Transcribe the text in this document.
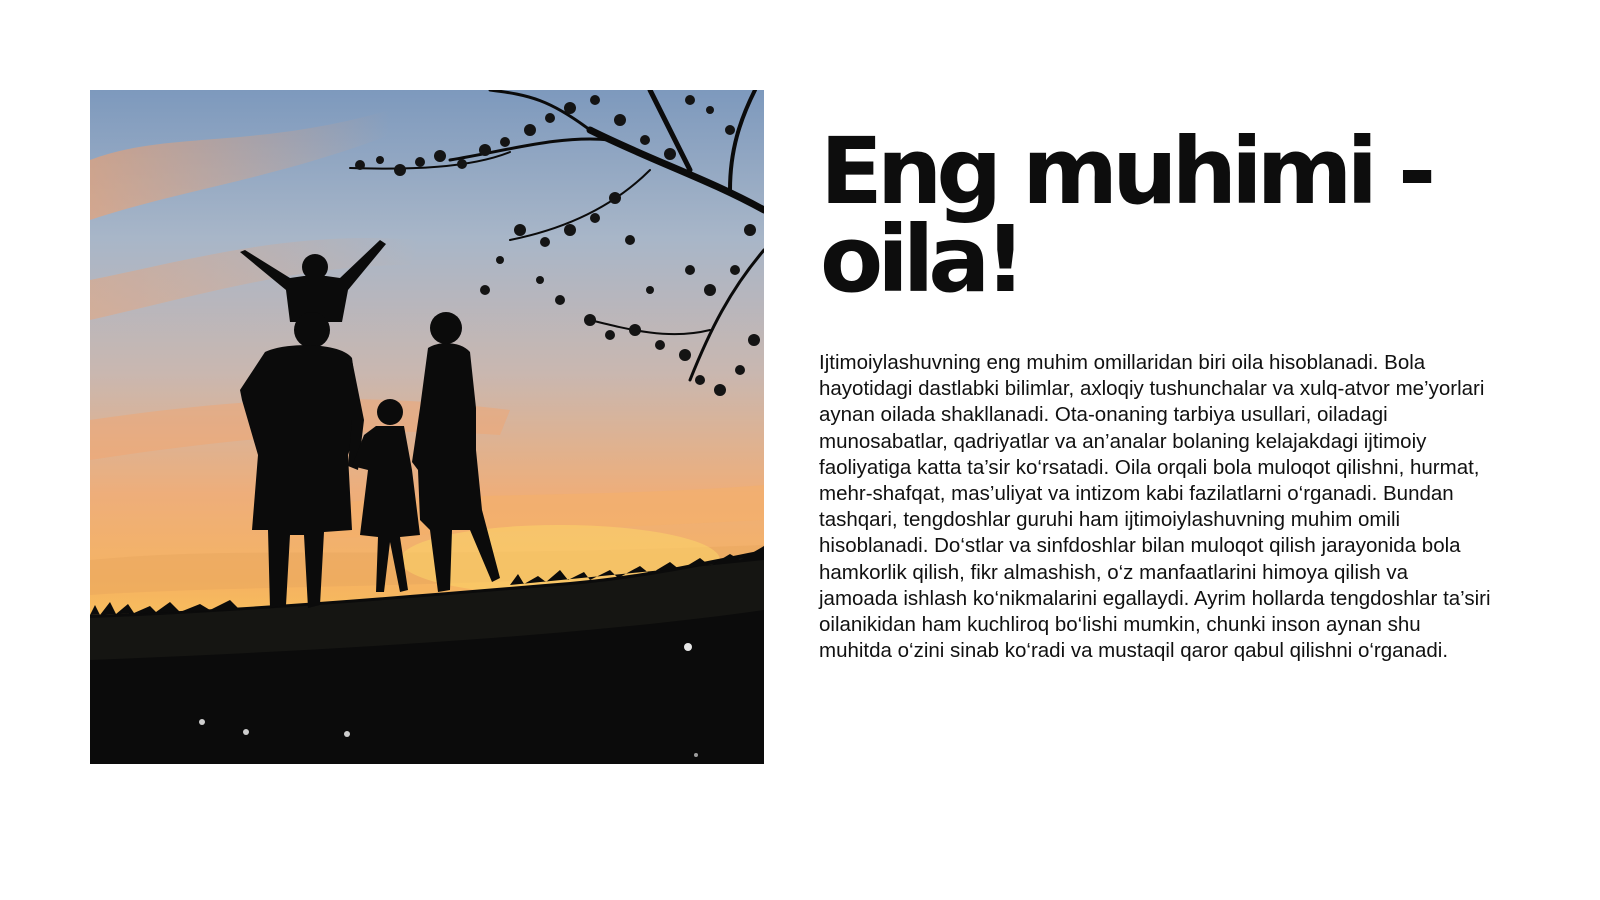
Eng muhimi - oila!

Ijtimoiylashuvning eng muhim omillaridan biri oila hisoblanadi. Bola hayotidagi dastlabki bilimlar, axloqiy tushunchalar va xulq-atvor me’yorlari aynan oilada shakllanadi. Ota-onaning tarbiya usullari, oiladagi munosabatlar, qadriyatlar va an’analar bolaning kelajakdagi ijtimoiy faoliyatiga katta ta’sir ko‘rsatadi. Oila orqali bola muloqot qilishni, hurmat, mehr-shafqat, mas’uliyat va intizom kabi fazilatlarni o‘rganadi. Bundan tashqari, tengdoshlar guruhi ham ijtimoiylashuvning muhim omili hisoblanadi. Do‘stlar va sinfdoshlar bilan muloqot qilish jarayonida bola hamkorlik qilish, fikr almashish, o‘z manfaatlarini himoya qilish va jamoada ishlash ko‘nikmalarini egallaydi. Ayrim hollarda tengdoshlar ta’siri oilanikidan ham kuchliroq bo‘lishi mumkin, chunki inson aynan shu muhitda o‘zini sinab ko‘radi va mustaqil qaror qabul qilishni o‘rganadi.
